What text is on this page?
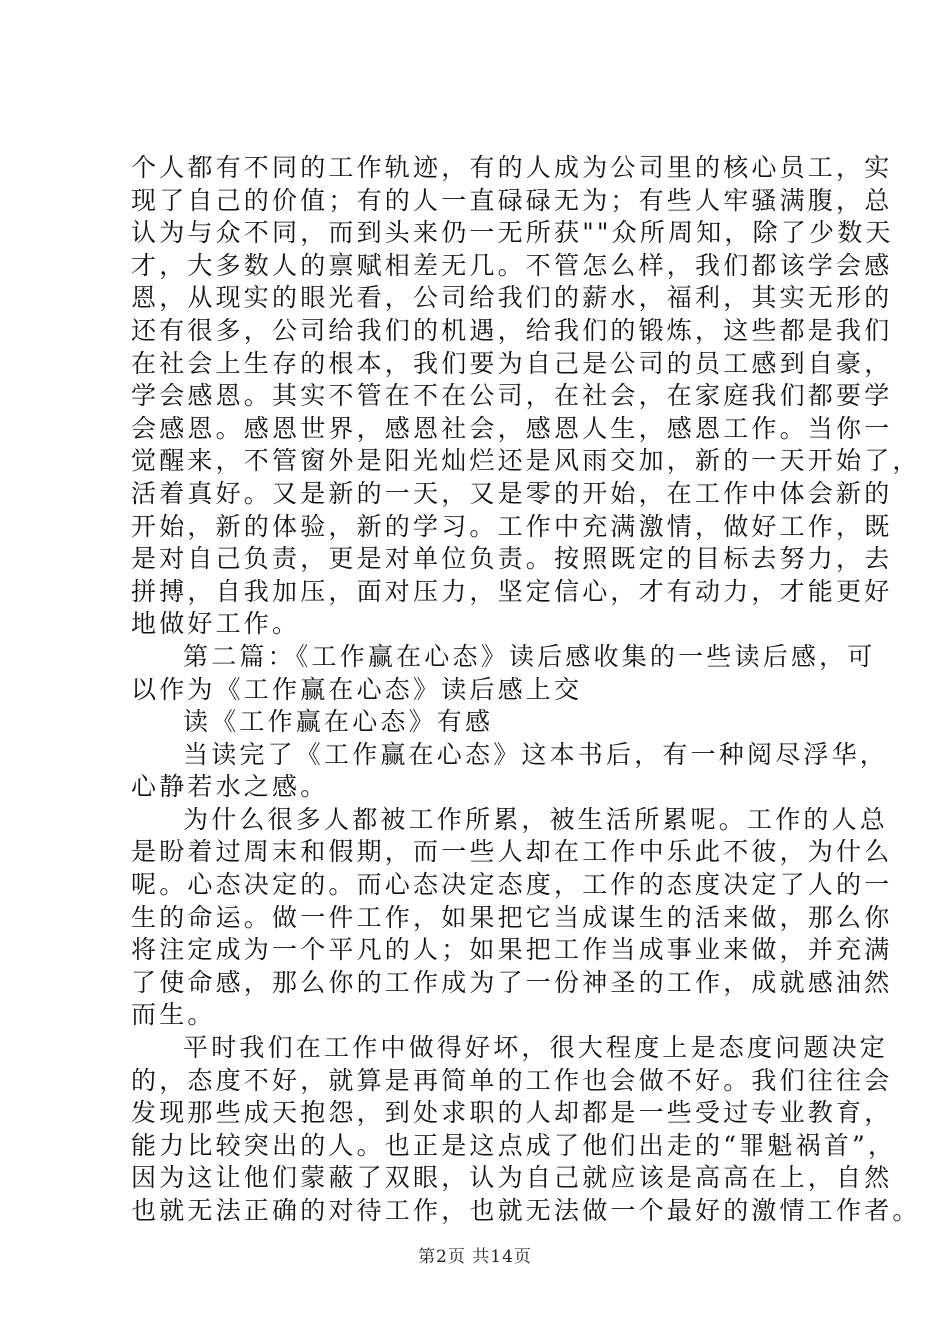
个人都有不同的工作轨迹，有的人成为公司里的核心员工，实
现了自己的价值；有的人一直碌碌无为；有些人牢骚满腹，总
认为与众不同，而到头来仍一无所获""众所周知，除了少数天
才，大多数人的禀赋相差无几。不管怎么样，我们都该学会感
恩，从现实的眼光看，公司给我们的薪水，福利，其实无形的
还有很多，公司给我们的机遇，给我们的锻炼，这些都是我们
在社会上生存的根本，我们要为自己是公司的员工感到自豪，
学会感恩。其实不管在不在公司，在社会，在家庭我们都要学
会感恩。感恩世界，感恩社会，感恩人生，感恩工作。当你一
觉醒来，不管窗外是阳光灿烂还是风雨交加，新的一天开始了，
活着真好。又是新的一天，又是零的开始，在工作中体会新的
开始，新的体验，新的学习。工作中充满激情，做好工作，既
是对自己负责，更是对单位负责。按照既定的目标去努力，去
拼搏，自我加压，面对压力，坚定信心，才有动力，才能更好
地做好工作。
第二篇：《工作赢在心态》读后感收集的一些读后感，可
以作为《工作赢在心态》读后感上交
读《工作赢在心态》有感
当读完了《工作赢在心态》这本书后，有一种阅尽浮华，
心静若水之感。
为什么很多人都被工作所累，被生活所累呢。工作的人总
是盼着过周末和假期，而一些人却在工作中乐此不彼，为什么
呢。心态决定的。而心态决定态度，工作的态度决定了人的一
生的命运。做一件工作，如果把它当成谋生的活来做，那么你
将注定成为一个平凡的人；如果把工作当成事业来做，并充满
了使命感，那么你的工作成为了一份神圣的工作，成就感油然
而生。
平时我们在工作中做得好坏，很大程度上是态度问题决定
的，态度不好，就算是再简单的工作也会做不好。我们往往会
发现那些成天抱怨，到处求职的人却都是一些受过专业教育，
能力比较突出的人。也正是这点成了他们出走的“罪魁祸首”，
因为这让他们蒙蔽了双眼，认为自己就应该是高高在上，自然
也就无法正确的对待工作，也就无法做一个最好的激情工作者。
第2页 共14页
